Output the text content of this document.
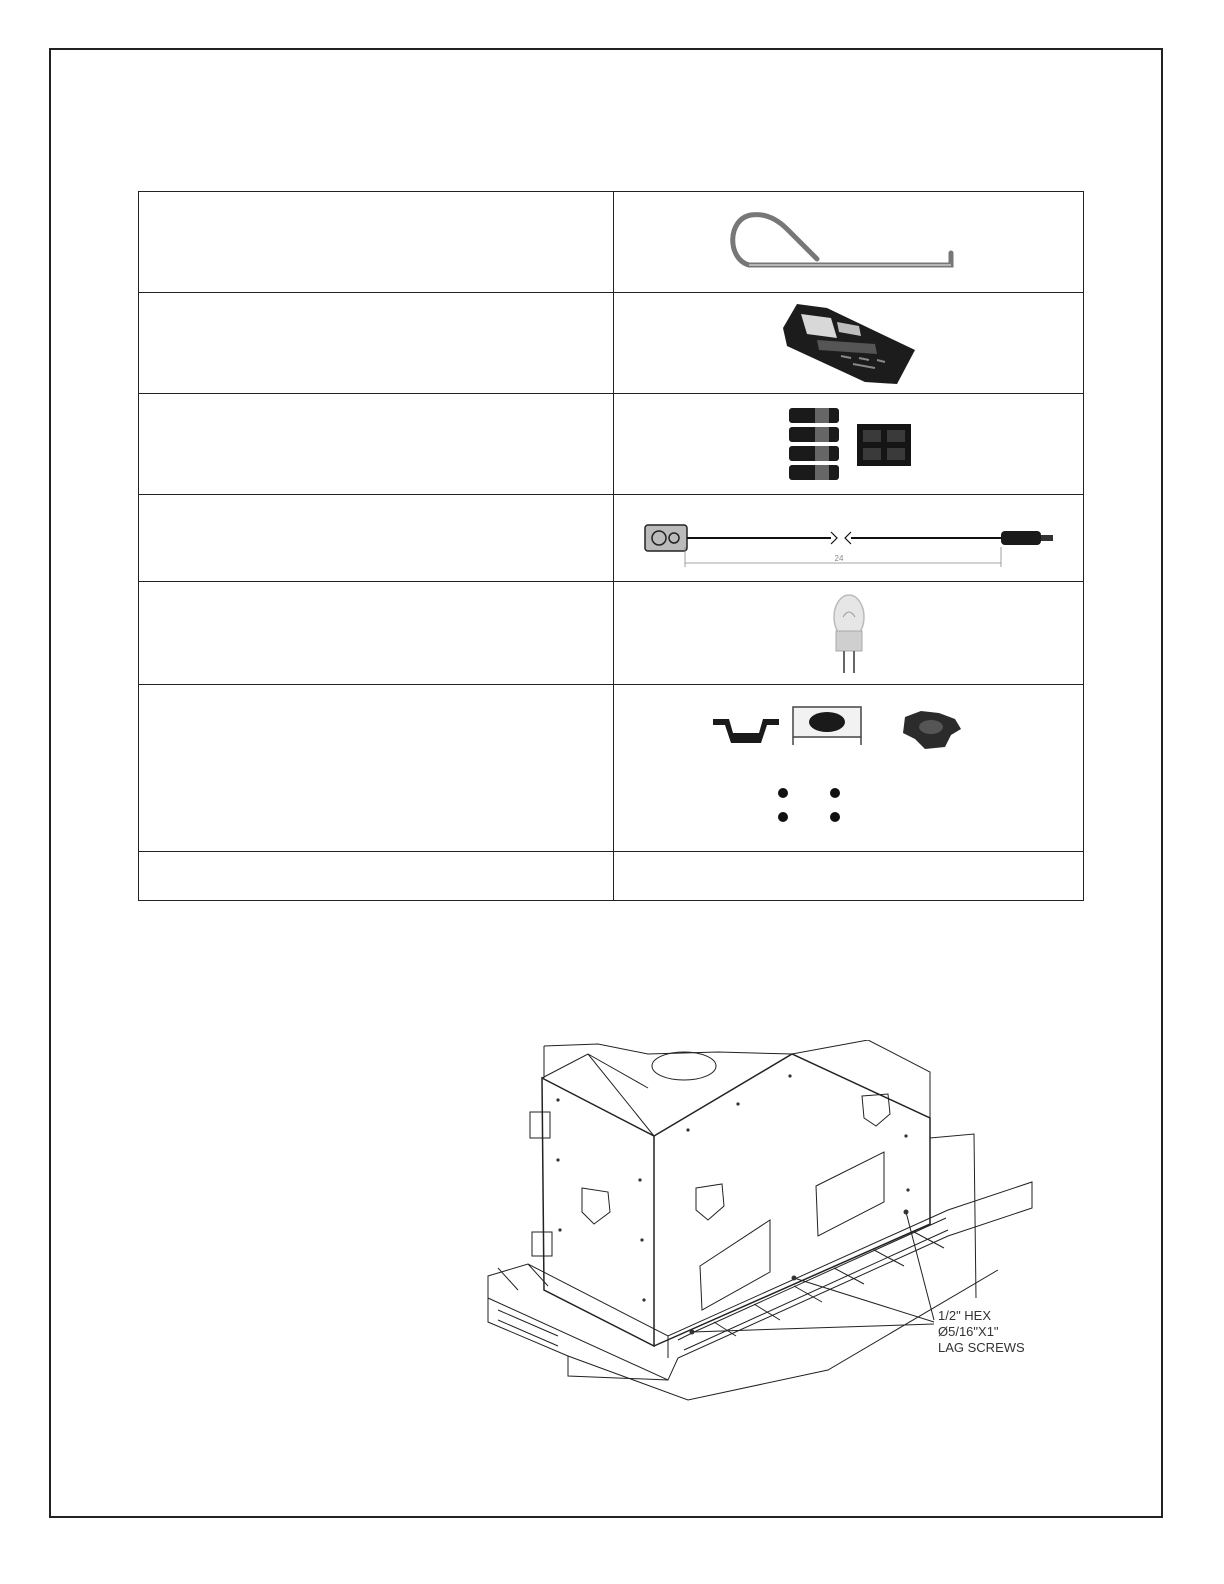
24

1/2" HEX
Ø5/16"X1"
LAG SCREWS
